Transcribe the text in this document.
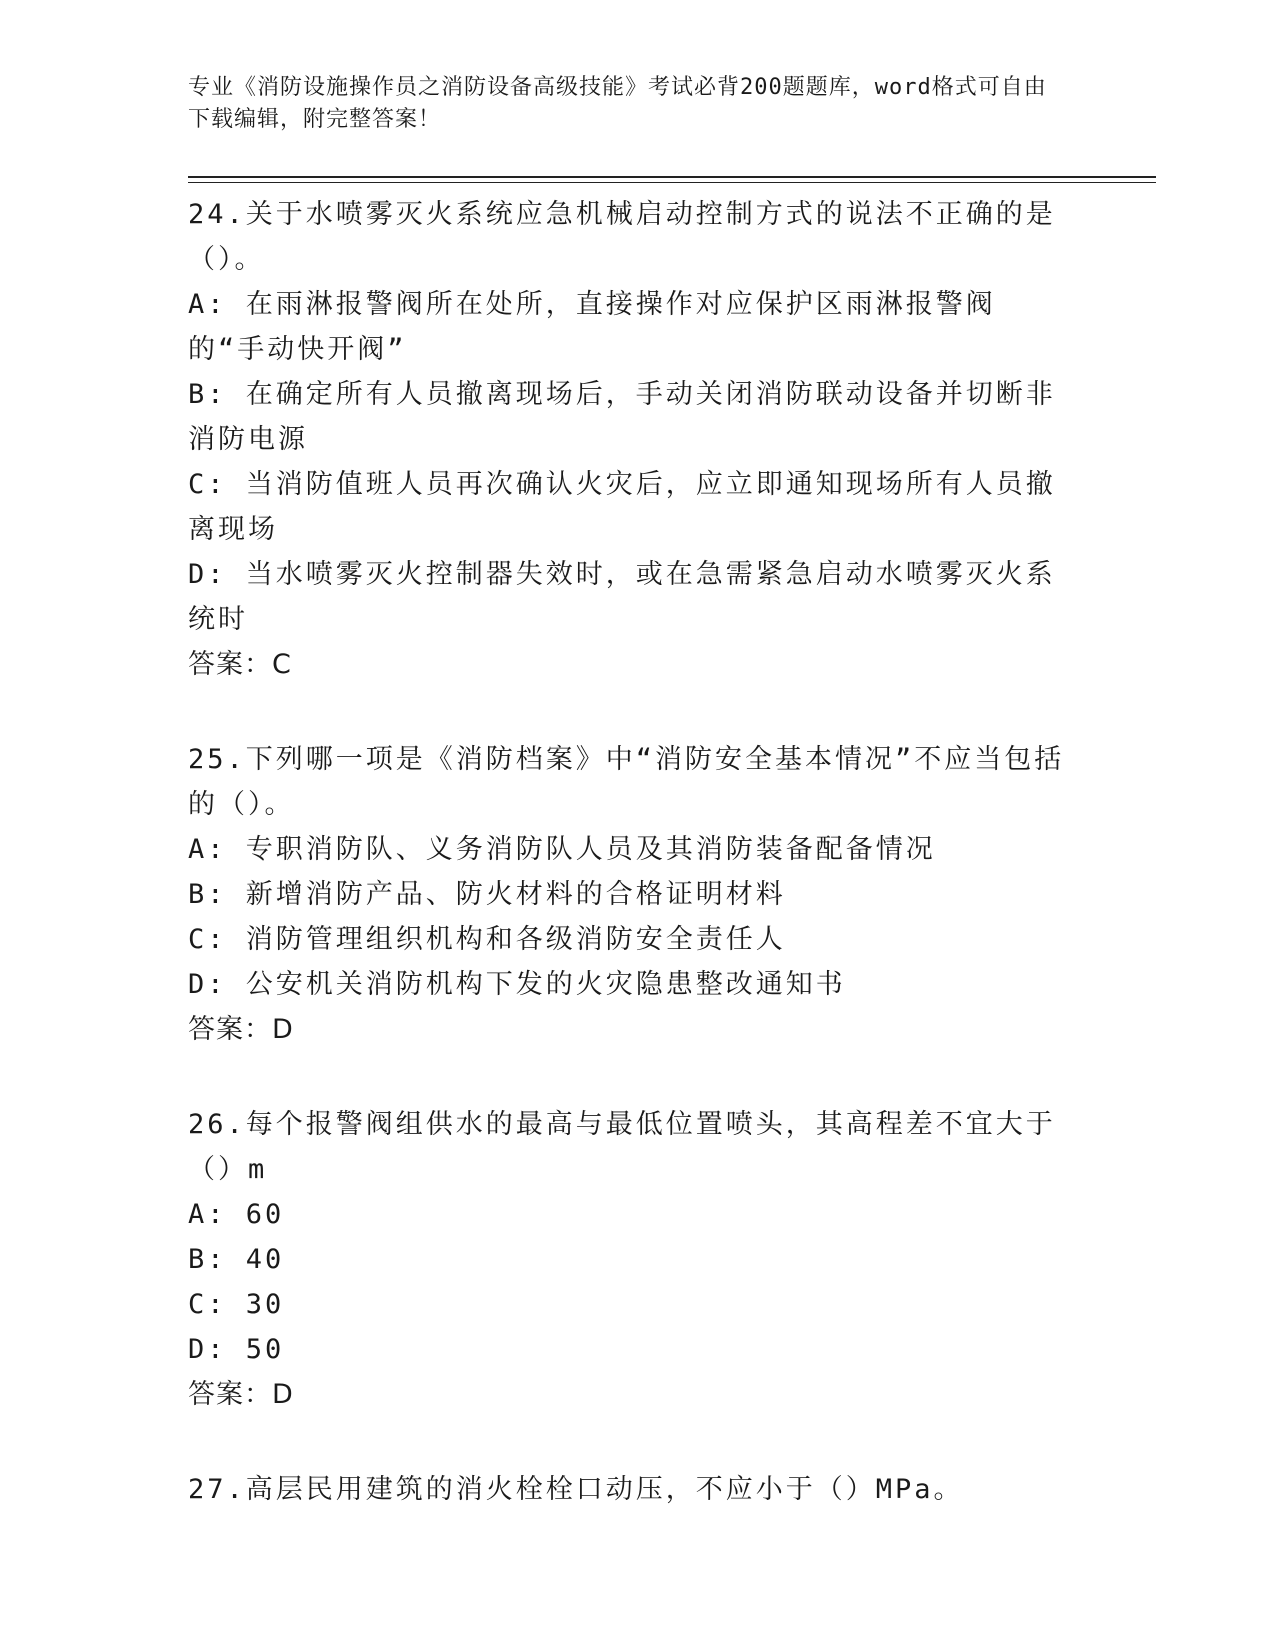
专业《消防设施操作员之消防设备高级技能》考试必背200题题库，word格式可自由下载编辑，附完整答案！
24.关于水喷雾灭火系统应急机械启动控制方式的说法不正确的是（）。
A: 在雨淋报警阀所在处所，直接操作对应保护区雨淋报警阀的“手动快开阀”
B: 在确定所有人员撤离现场后，手动关闭消防联动设备并切断非消防电源
C: 当消防值班人员再次确认火灾后，应立即通知现场所有人员撤离现场
D: 当水喷雾灭火控制器失效时，或在急需紧急启动水喷雾灭火系统时
答案：C
25.下列哪一项是《消防档案》中“消防安全基本情况”不应当包括的（）。
A: 专职消防队、义务消防队人员及其消防装备配备情况
B: 新增消防产品、防火材料的合格证明材料
C: 消防管理组织机构和各级消防安全责任人
D: 公安机关消防机构下发的火灾隐患整改通知书
答案：D
26.每个报警阀组供水的最高与最低位置喷头，其高程差不宜大于（）m
A: 60
B: 40
C: 30
D: 50
答案：D
27.高层民用建筑的消火栓栓口动压，不应小于（）MPa。
